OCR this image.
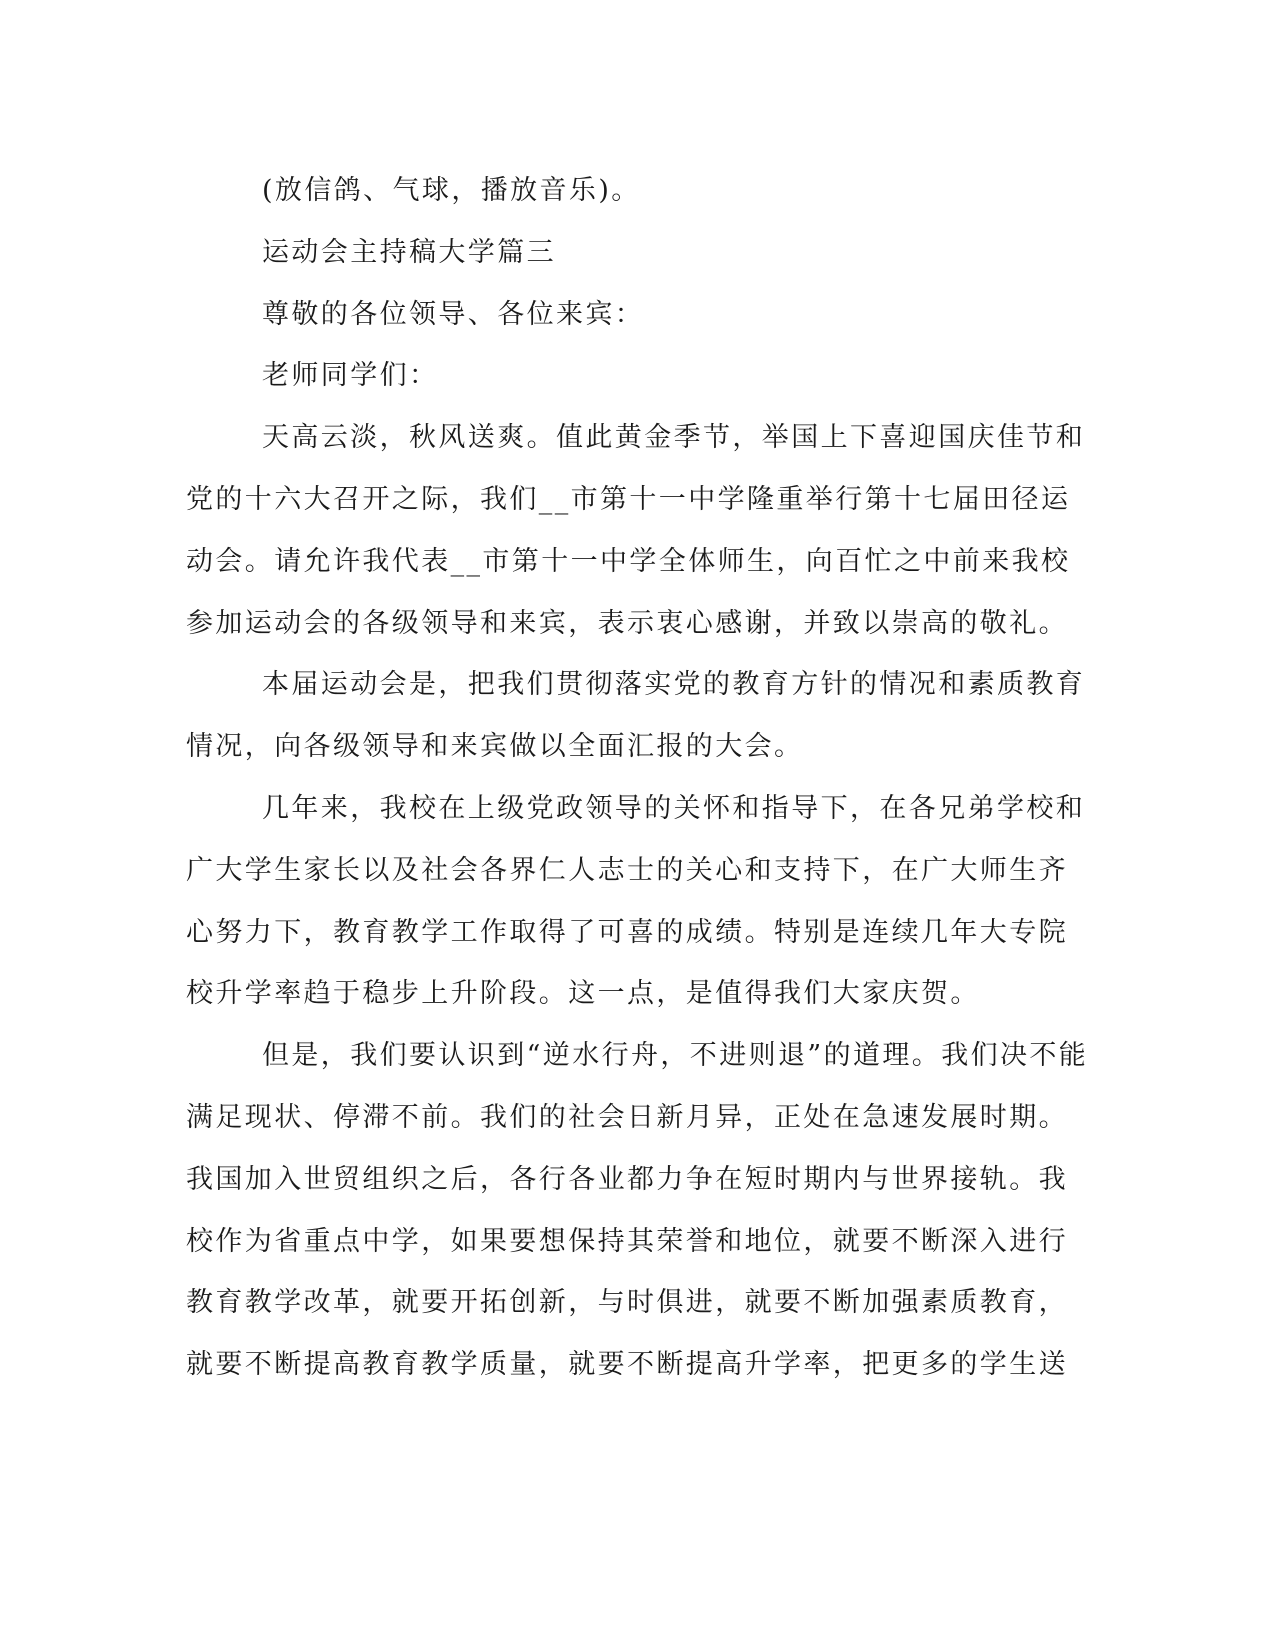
(放信鸽、气球，播放音乐)。
运动会主持稿大学篇三
尊敬的各位领导、各位来宾：
老师同学们：
天高云淡，秋风送爽。值此黄金季节，举国上下喜迎国庆佳节和
党的十六大召开之际，我们__市第十一中学隆重举行第十七届田径运
动会。请允许我代表__市第十一中学全体师生，向百忙之中前来我校
参加运动会的各级领导和来宾，表示衷心感谢，并致以崇高的敬礼。
本届运动会是，把我们贯彻落实党的教育方针的情况和素质教育
情况，向各级领导和来宾做以全面汇报的大会。
几年来，我校在上级党政领导的关怀和指导下，在各兄弟学校和
广大学生家长以及社会各界仁人志士的关心和支持下，在广大师生齐
心努力下，教育教学工作取得了可喜的成绩。特别是连续几年大专院
校升学率趋于稳步上升阶段。这一点，是值得我们大家庆贺。
但是，我们要认识到“逆水行舟，不进则退”的道理。我们决不能
满足现状、停滞不前。我们的社会日新月异，正处在急速发展时期。
我国加入世贸组织之后，各行各业都力争在短时期内与世界接轨。我
校作为省重点中学，如果要想保持其荣誉和地位，就要不断深入进行
教育教学改革，就要开拓创新，与时俱进，就要不断加强素质教育，
就要不断提高教育教学质量，就要不断提高升学率，把更多的学生送
